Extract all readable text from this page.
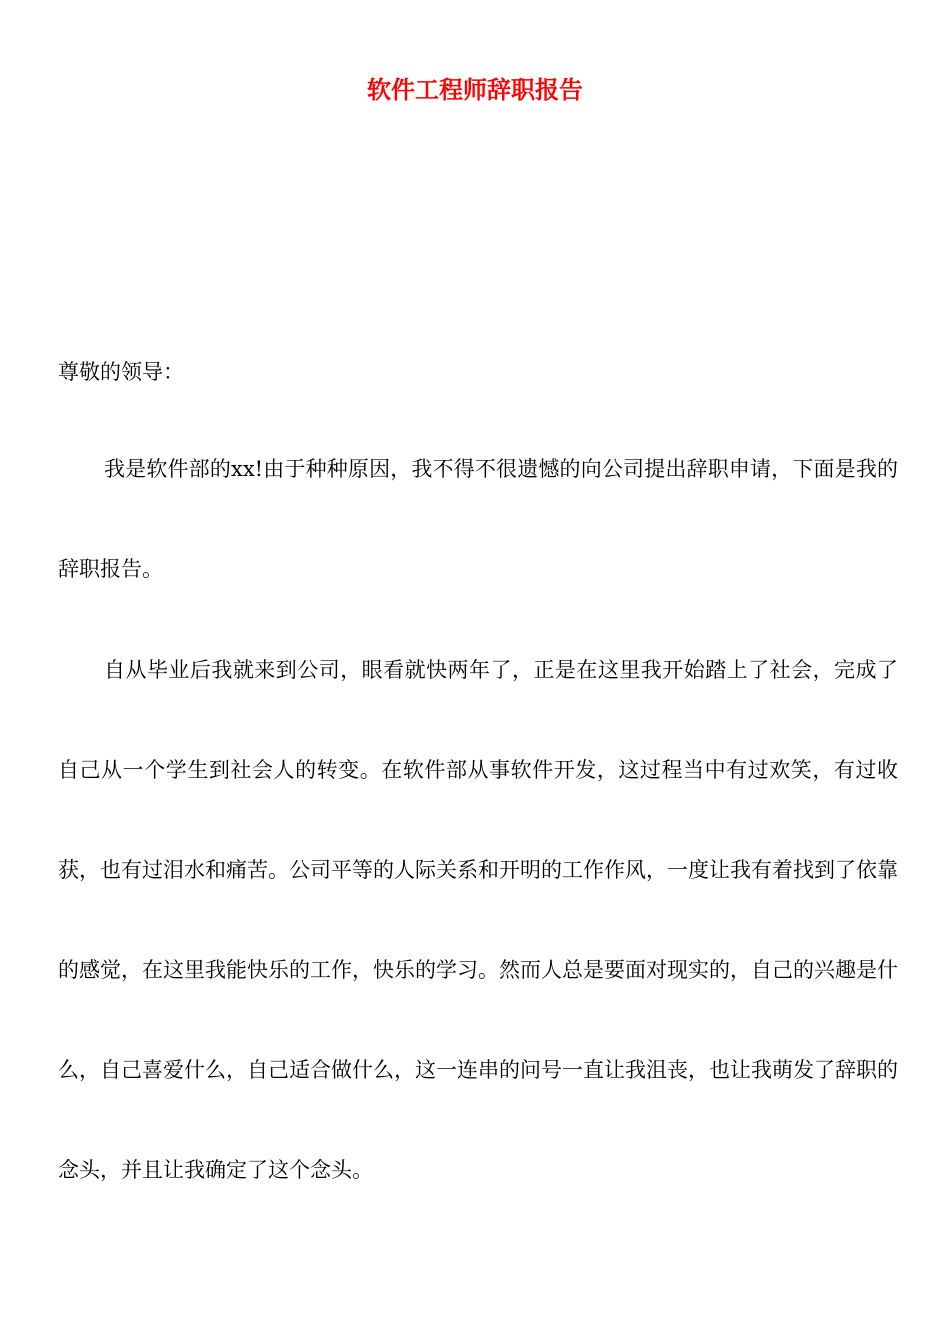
软件工程师辞职报告

尊敬的领导：

我是软件部的xx!由于种种原因，我不得不很遗憾的向公司提出辞职申请，下面是我的辞职报告。

自从毕业后我就来到公司，眼看就快两年了，正是在这里我开始踏上了社会，完成了自己从一个学生到社会人的转变。在软件部从事软件开发，这过程当中有过欢笑，有过收获，也有过泪水和痛苦。公司平等的人际关系和开明的工作作风，一度让我有着找到了依靠的感觉，在这里我能快乐的工作，快乐的学习。然而人总是要面对现实的，自己的兴趣是什么，自己喜爱什么，自己适合做什么，这一连串的问号一直让我沮丧，也让我萌发了辞职的念头，并且让我确定了这个念头。
